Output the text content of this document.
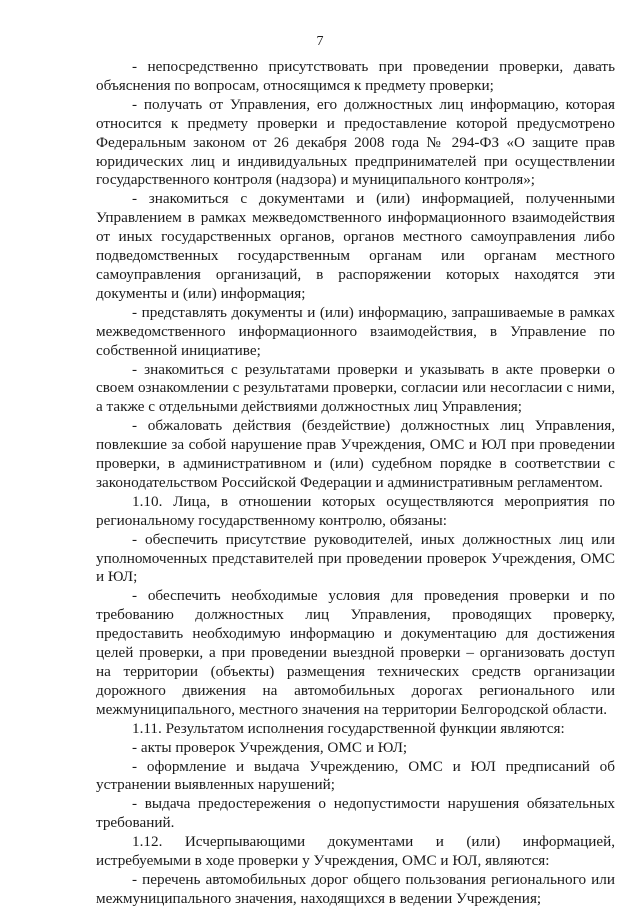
7

- непосредственно присутствовать при проведении проверки, давать объяснения по вопросам, относящимся к предмету проверки;

- получать от Управления, его должностных лиц информацию, которая относится к предмету проверки и предоставление которой предусмотрено Федеральным законом от 26 декабря 2008 года № 294-ФЗ «О защите прав юридических лиц и индивидуальных предпринимателей при осуществлении государственного контроля (надзора) и муниципального контроля»;

- знакомиться с документами и (или) информацией, полученными Управлением в рамках межведомственного информационного взаимодействия от иных государственных органов, органов местного самоуправления либо подведомственных государственным органам или органам местного самоуправления организаций, в распоряжении которых находятся эти документы и (или) информация;

- представлять документы и (или) информацию, запрашиваемые в рамках межведомственного информационного взаимодействия, в Управление по собственной инициативе;

- знакомиться с результатами проверки и указывать в акте проверки о своем ознакомлении с результатами проверки, согласии или несогласии с ними, а также с отдельными действиями должностных лиц Управления;

- обжаловать действия (бездействие) должностных лиц Управления, повлекшие за собой нарушение прав Учреждения, ОМС и ЮЛ при проведении проверки, в административном и (или) судебном порядке в соответствии с законодательством Российской Федерации и административным регламентом.

1.10. Лица, в отношении которых осуществляются мероприятия по региональному государственному контролю, обязаны:

- обеспечить присутствие руководителей, иных должностных лиц или уполномоченных представителей при проведении проверок Учреждения, ОМС и ЮЛ;

- обеспечить необходимые условия для проведения проверки и по требованию должностных лиц Управления, проводящих проверку, предоставить необходимую информацию и документацию для достижения целей проверки, а при проведении выездной проверки – организовать доступ на территории (объекты) размещения технических средств организации дорожного движения на автомобильных дорогах регионального или межмуниципального, местного значения на территории Белгородской области.

1.11. Результатом исполнения государственной функции являются:

- акты проверок Учреждения, ОМС и ЮЛ;

- оформление и выдача Учреждению, ОМС и ЮЛ предписаний об устранении выявленных нарушений;

- выдача предостережения о недопустимости нарушения обязательных требований.

1.12. Исчерпывающими документами и (или) информацией, истребуемыми в ходе проверки у Учреждения, ОМС и ЮЛ, являются:

- перечень автомобильных дорог общего пользования регионального или межмуниципального значения, находящихся в ведении Учреждения;
